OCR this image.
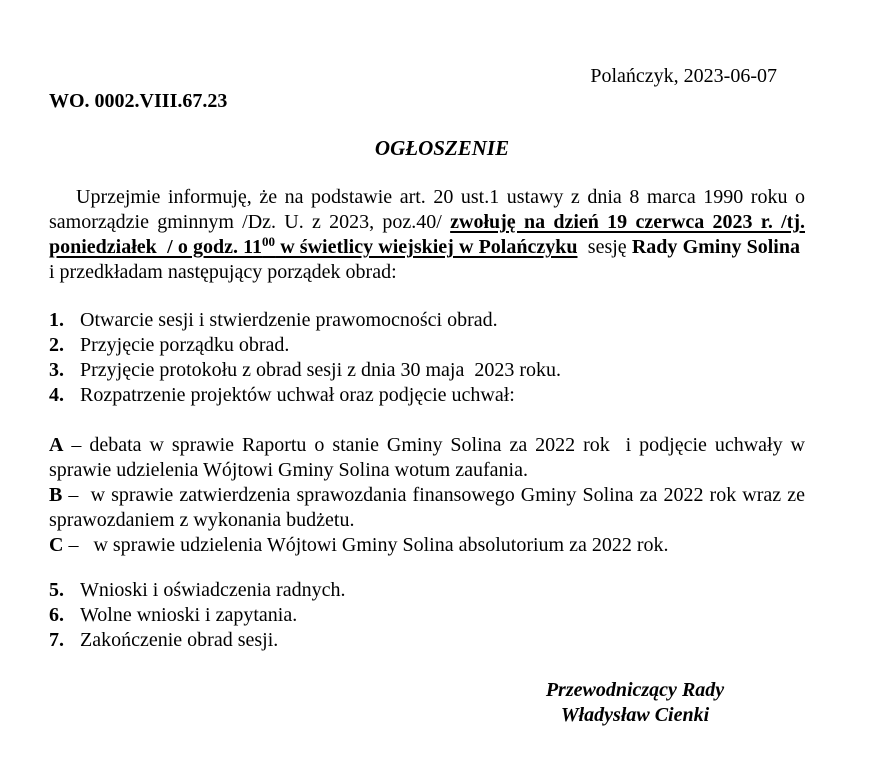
Polańczyk, 2023-06-07
WO. 0002.VIII.67.23
OGŁOSZENIE

Uprzejmie informuję, że na podstawie art. 20 ust.1 ustawy z dnia 8 marca 1990 roku o samorządzie gminnym /Dz. U. z 2023, poz.40/ zwołuję na dzień 19 czerwca 2023 r. /tj. poniedziałek  / o godz. $11^{00}$ w świetlicy wiejskiej w Polańczyku  sesję Rady Gminy Solina  i przedkładam następujący porządek obrad:

1. Otwarcie sesji i stwierdzenie prawomocności obrad.
2. Przyjęcie porządku obrad.
3. Przyjęcie protokołu z obrad sesji z dnia 30 maja  2023 roku.
4. Rozpatrzenie projektów uchwał oraz podjęcie uchwał:

A – debata w sprawie Raportu o stanie Gminy Solina za 2022 rok  i podjęcie uchwały w sprawie udzielenia Wójtowi Gminy Solina wotum zaufania.

B –  w sprawie zatwierdzenia sprawozdania finansowego Gminy Solina za 2022 rok wraz ze sprawozdaniem z wykonania budżetu.

C –   w sprawie udzielenia Wójtowi Gminy Solina absolutorium za 2022 rok.

5. Wnioski i oświadczenia radnych.
6. Wolne wnioski i zapytania.
7. Zakończenie obrad sesji.
Przewodniczący Rady
Władysław Cienki
